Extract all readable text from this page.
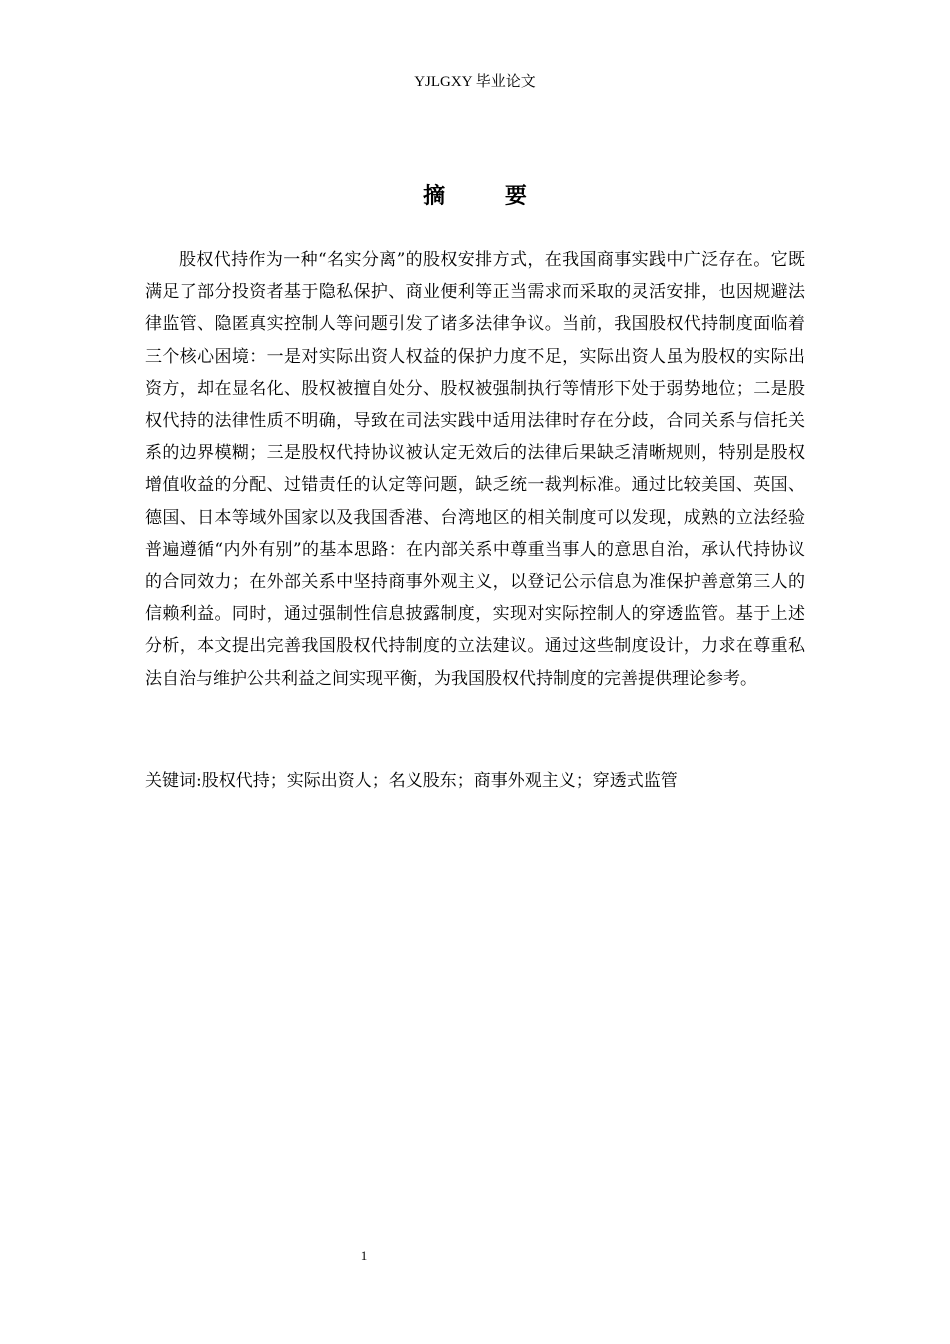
YJLGXY 毕业论文
摘 要

股权代持作为一种“名实分离”的股权安排方式，在我国商事实践中广泛存在。它既满足了部分投资者基于隐私保护、商业便利等正当需求而采取的灵活安排，也因规避法律监管、隐匿真实控制人等问题引发了诸多法律争议。当前，我国股权代持制度面临着三个核心困境：一是对实际出资人权益的保护力度不足，实际出资人虽为股权的实际出资方，却在显名化、股权被擅自处分、股权被强制执行等情形下处于弱势地位；二是股权代持的法律性质不明确，导致在司法实践中适用法律时存在分歧，合同关系与信托关系的边界模糊；三是股权代持协议被认定无效后的法律后果缺乏清晰规则，特别是股权增值收益的分配、过错责任的认定等问题，缺乏统一裁判标准。通过比较美国、英国、德国、日本等域外国家以及我国香港、台湾地区的相关制度可以发现，成熟的立法经验普遍遵循“内外有别”的基本思路：在内部关系中尊重当事人的意思自治，承认代持协议的合同效力；在外部关系中坚持商事外观主义，以登记公示信息为准保护善意第三人的信赖利益。同时，通过强制性信息披露制度，实现对实际控制人的穿透监管。基于上述分析，本文提出完善我国股权代持制度的立法建议。通过这些制度设计，力求在尊重私法自治与维护公共利益之间实现平衡，为我国股权代持制度的完善提供理论参考。

关键词:股权代持；实际出资人；名义股东；商事外观主义；穿透式监管

1
